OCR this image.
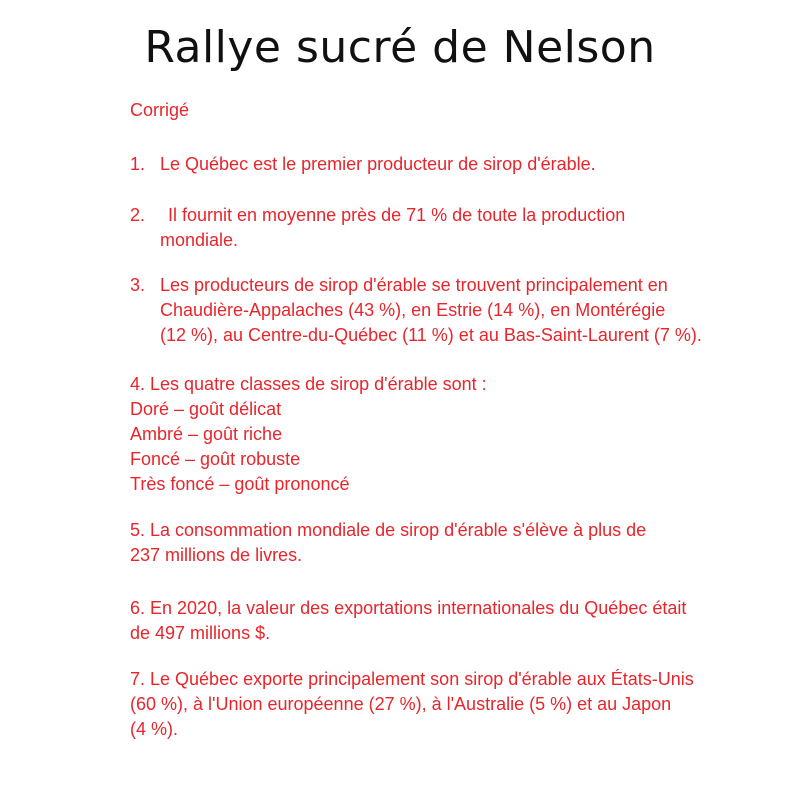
Rallye sucré de Nelson

Corrigé

1. Le Québec est le premier producteur de sirop d'érable.
2.	Il fournit en moyenne près de 71 % de toute la production
mondiale.
3. Les producteurs de sirop d'érable se trouvent principalement en
Chaudière-Appalaches (43 %), en Estrie (14 %), en Montérégie
(12 %), au Centre-du-Québec (11 %) et au Bas-Saint-Laurent (7 %).
4. Les quatre classes de sirop d'érable sont :
Doré – goût délicat
Ambré – goût riche
Foncé – goût robuste
Très foncé – goût prononcé
5. La consommation mondiale de sirop d'érable s'élève à plus de
237 millions de livres.
6. En 2020, la valeur des exportations internationales du Québec était
de 497 millions $.
7. Le Québec exporte principalement son sirop d'érable aux États-Unis
(60 %), à l'Union européenne (27 %), à l'Australie (5 %) et au Japon
(4 %).
